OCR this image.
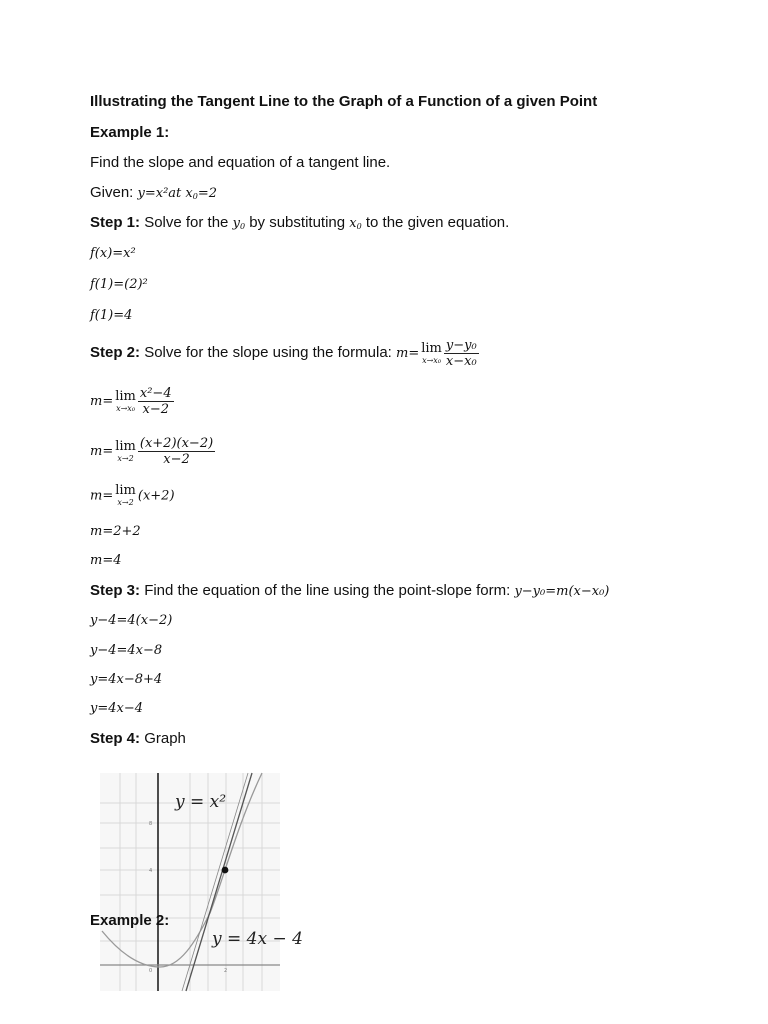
Illustrating the Tangent Line to the Graph of a Function of a given Point
Example 1:
Find the slope and equation of a tangent line.
Given: y=x²at $x_0=2$
Step 1: Solve for the $y_0$ by substituting $x_0$ to the given equation.
f(x)=x²
f(1)=(2)²
f(1)=4
Step 2: Solve for the slope using the formula: m= lim
$x\to x_0 \frac{\text{y−y₀}}{\text{x−x₀}}$
m= lim
$x\to x_0 \frac{\text{x²−4}}{x-2}$
m= lim
$x\to 2 \frac{(x+2)(x-2)}{x-2}$
m= lim
x→2 (x+2)
m=2+2
m=4
Step 3: Find the equation of the line using the point-slope form: y−y₀=m(x−x₀)
y−4=4(x−2)
y−4=4x−8
y=4x−8+4
y=4x−4
Step 4: Graph
8
4
0	2
y = x²
y = 4x − 4
Example 2:
